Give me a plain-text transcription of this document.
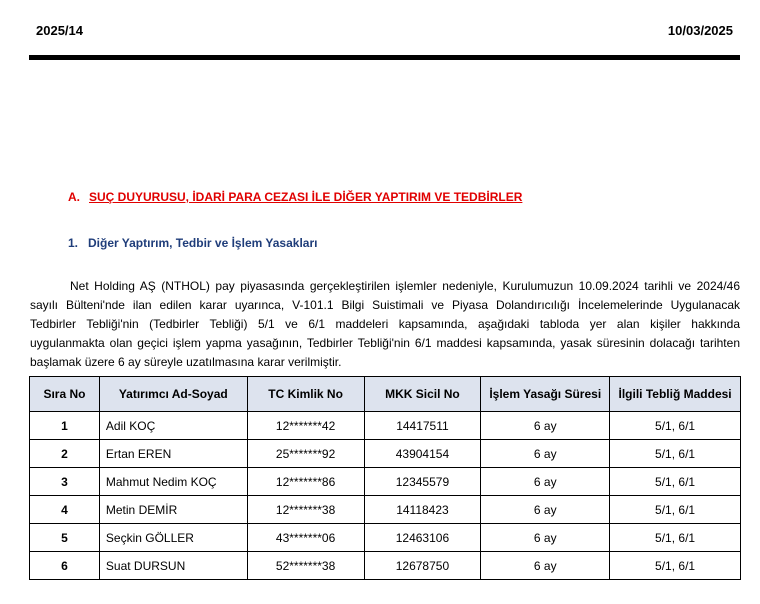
2025/14	10/03/2025
A. SUÇ DUYURUSU, İDARİ PARA CEZASI İLE DİĞER YAPTIRIM VE TEDBİRLER
1. Diğer Yaptırım, Tedbir ve İşlem Yasakları
Net Holding AŞ (NTHOL) pay piyasasında gerçekleştirilen işlemler nedeniyle, Kurulumuzun 10.09.2024 tarihli ve 2024/46
sayılı Bülteni'nde ilan edilen karar uyarınca, V-101.1 Bilgi Suistimali ve Piyasa Dolandırıcılığı İncelemelerinde Uygulanacak
Tedbirler Tebliği'nin (Tedbirler Tebliği) 5/1 ve 6/1 maddeleri kapsamında, aşağıdaki tabloda yer alan kişiler hakkında
uygulanmakta olan geçici işlem yapma yasağının, Tedbirler Tebliği'nin 6/1 maddesi kapsamında, yasak süresinin dolacağı tarihten
başlamak üzere 6 ay süreyle uzatılmasına karar verilmiştir.
Sıra No	Yatırımcı Ad-Soyad	TC Kimlik No	MKK Sicil No	İşlem Yasağı Süresi	İlgili Tebliğ Maddesi
1	Adil KOÇ	12*******42	14417511	6 ay	5/1, 6/1
2	Ertan EREN	25*******92	43904154	6 ay	5/1, 6/1
3	Mahmut Nedim KOÇ	12*******86	12345579	6 ay	5/1, 6/1
4	Metin DEMİR	12*******38	14118423	6 ay	5/1, 6/1
5	Seçkin GÖLLER	43*******06	12463106	6 ay	5/1, 6/1
6	Suat DURSUN	52*******38	12678750	6 ay	5/1, 6/1
